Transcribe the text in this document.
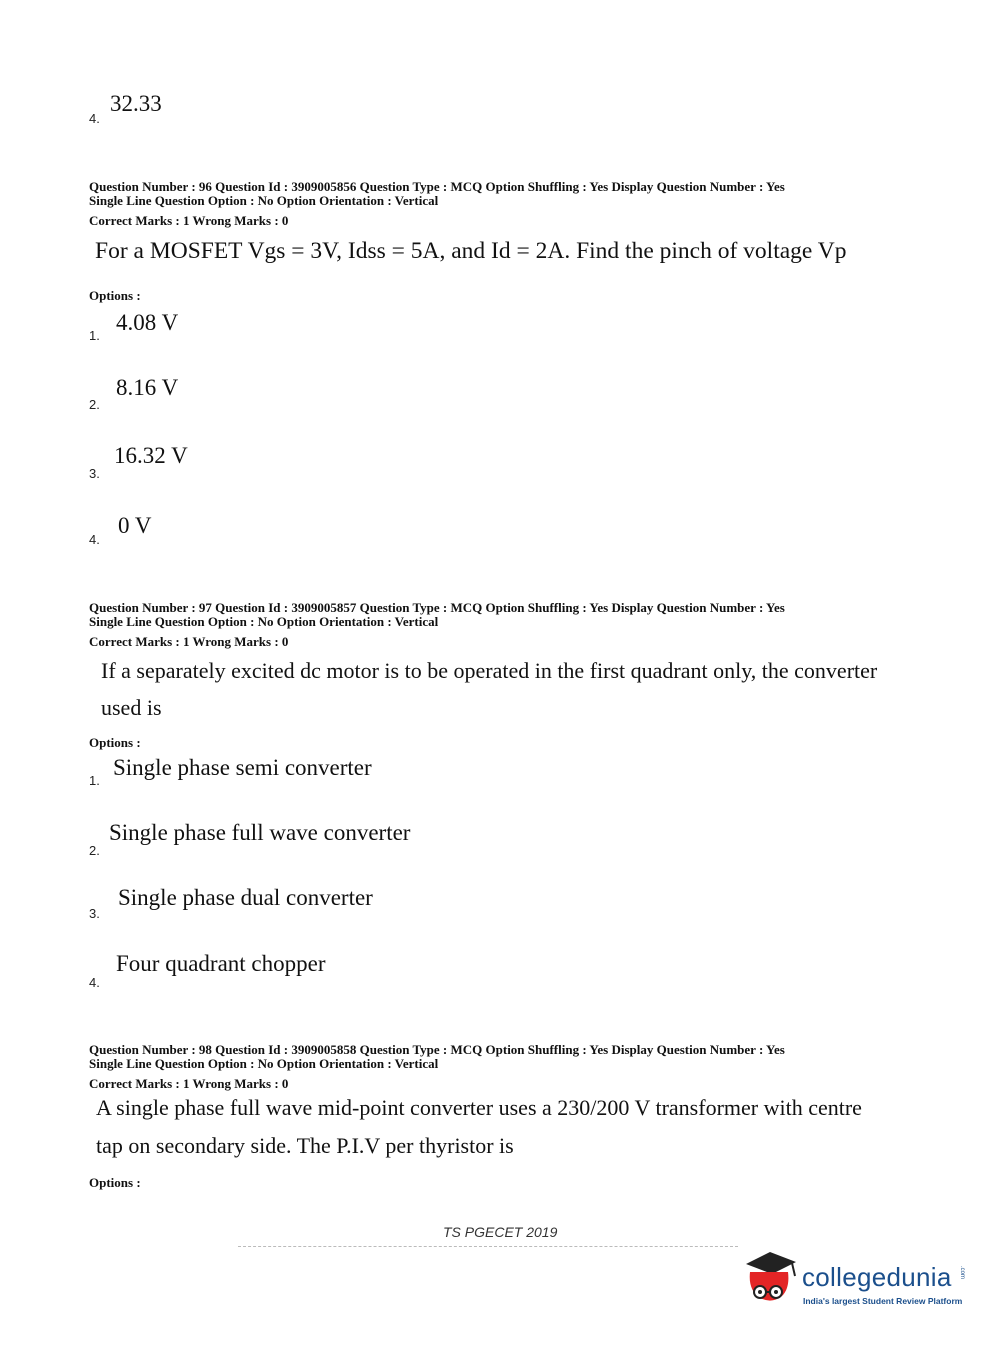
4.
32.33
Question Number : 96 Question Id : 3909005856 Question Type : MCQ Option Shuffling : Yes Display Question Number : Yes
Single Line Question Option : No Option Orientation : Vertical
Correct Marks : 1 Wrong Marks : 0
For a MOSFET Vgs = 3V, Idss = 5A, and Id = 2A. Find the pinch of voltage Vp
Options :
1.
4.08 V
2.
8.16 V
3.
16.32 V
4.
0 V
Question Number : 97 Question Id : 3909005857 Question Type : MCQ Option Shuffling : Yes Display Question Number : Yes
Single Line Question Option : No Option Orientation : Vertical
Correct Marks : 1 Wrong Marks : 0
If a separately excited dc motor is to be operated in the first quadrant only, the converter
used is
Options :
1.
Single phase semi converter
2.
Single phase full wave converter
3.
Single phase dual converter
4.
Four quadrant chopper
Question Number : 98 Question Id : 3909005858 Question Type : MCQ Option Shuffling : Yes Display Question Number : Yes
Single Line Question Option : No Option Orientation : Vertical
Correct Marks : 1 Wrong Marks : 0
A single phase full wave mid-point converter uses a 230/200 V transformer with centre
tap on secondary side. The P.I.V per thyristor is
Options :
TS PGECET 2019
collegedunia .com
India's largest Student Review Platform
